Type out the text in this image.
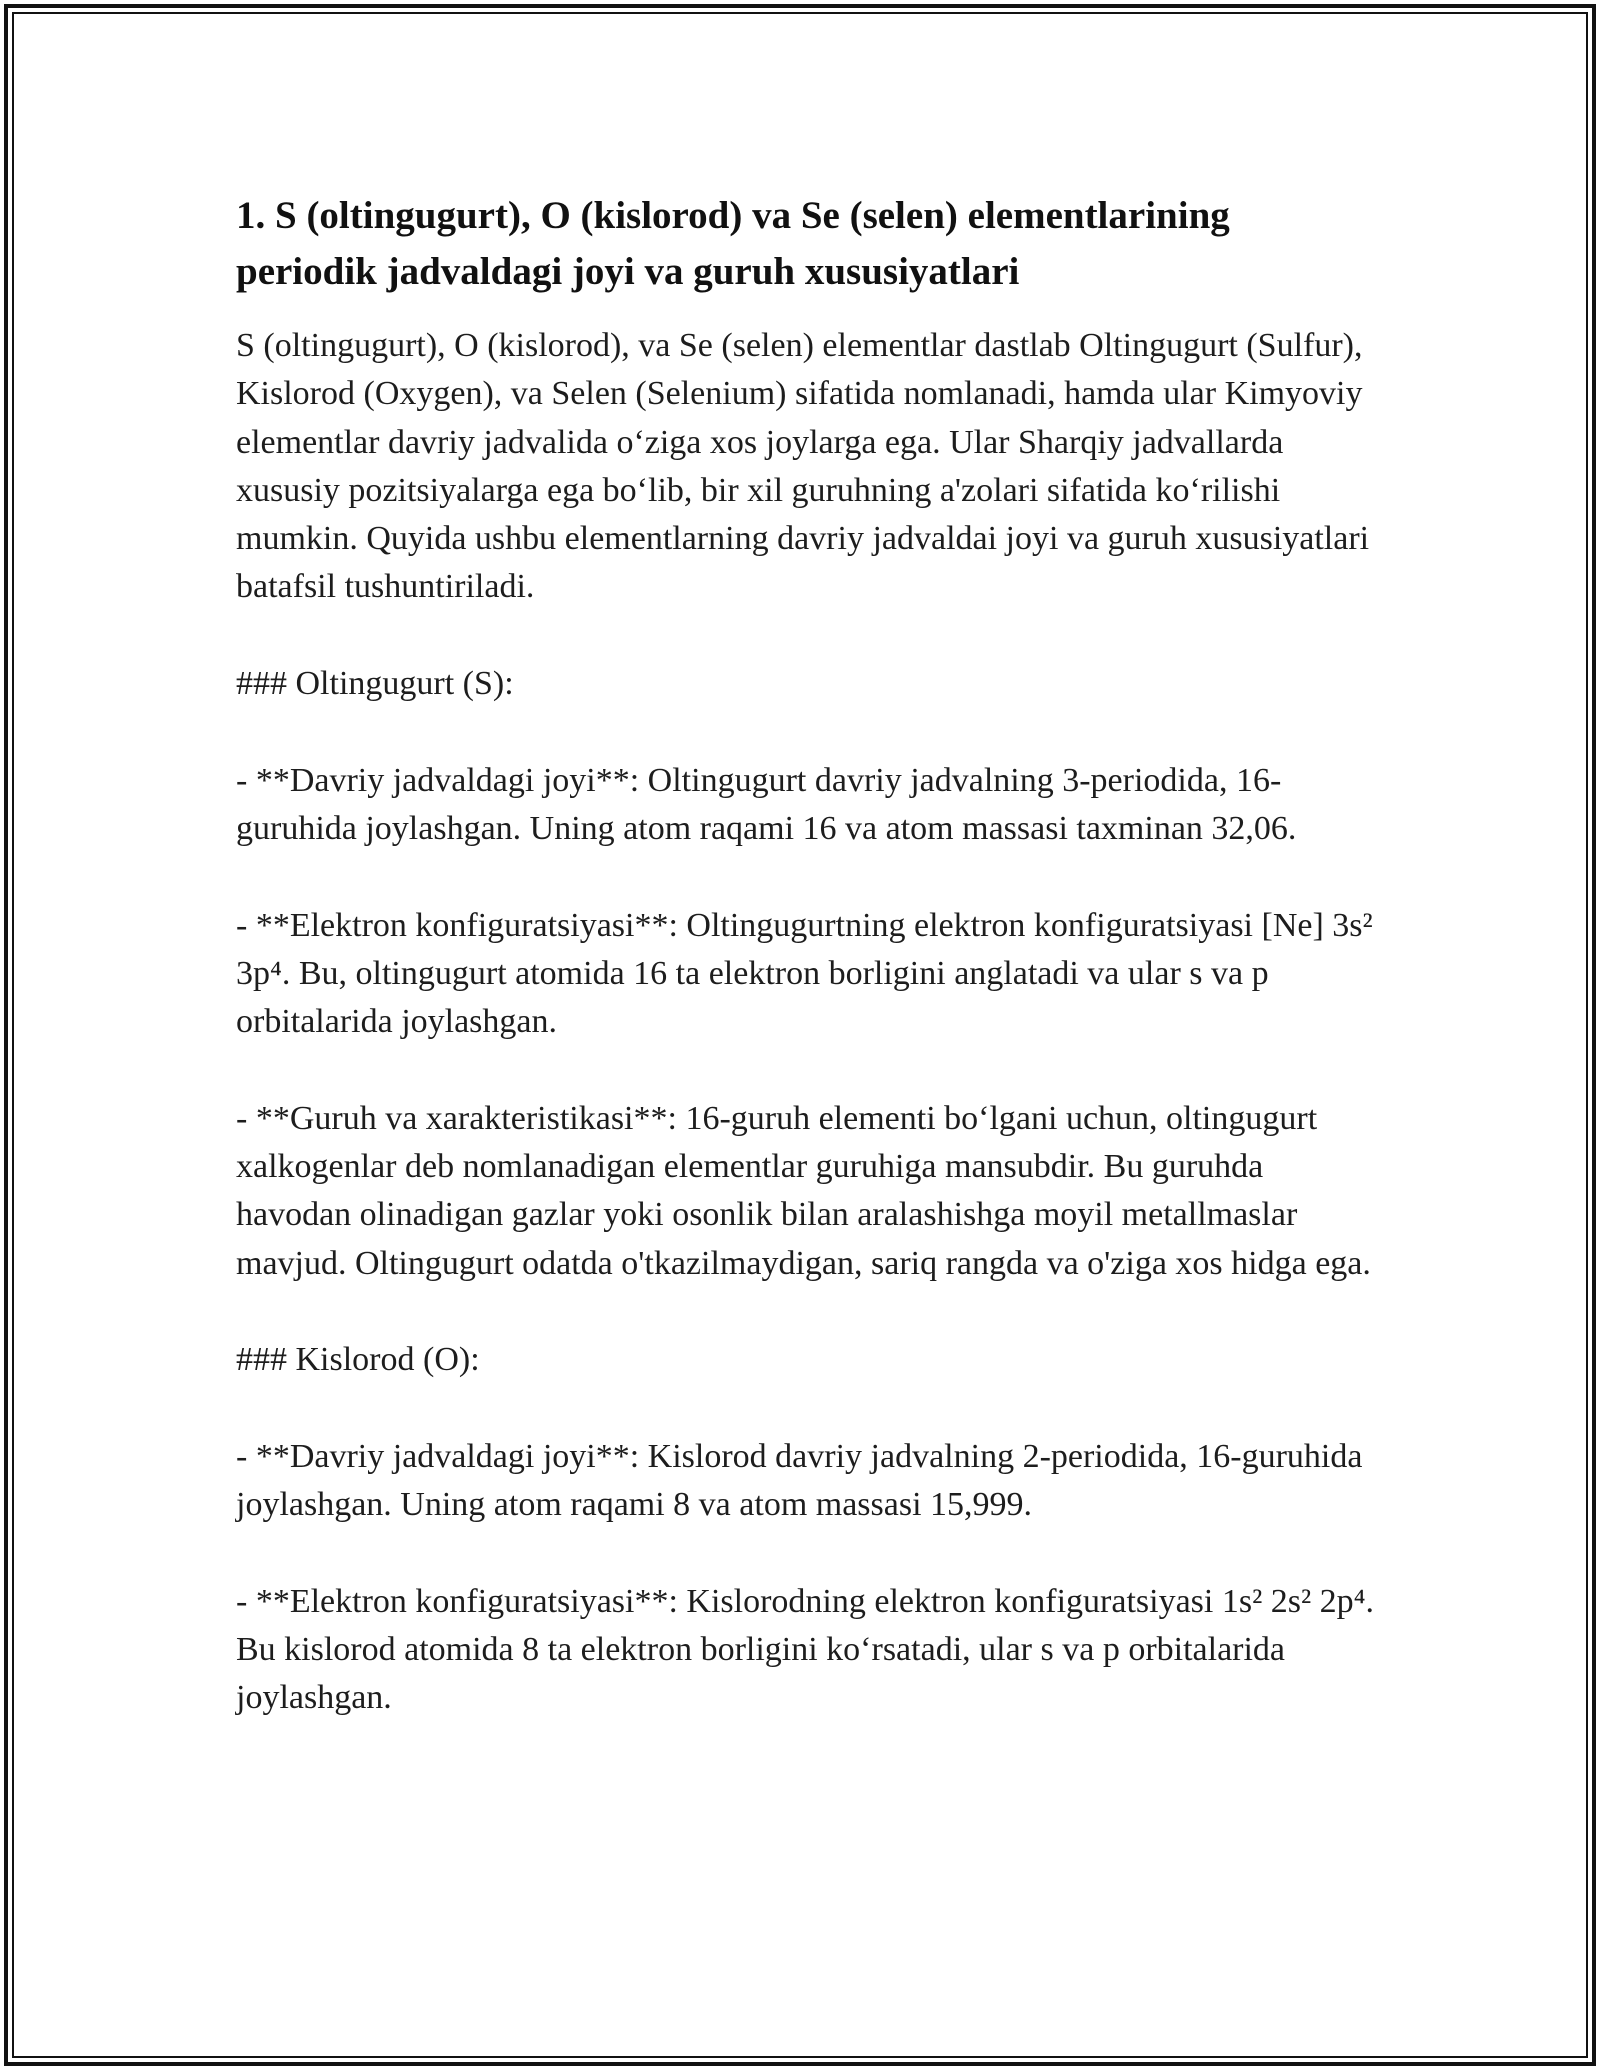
1. S (oltingugurt), O (kislorod) va Se (selen) elementlarining periodik jadvaldagi joyi va guruh xususiyatlari

S (oltingugurt), O (kislorod), va Se (selen) elementlar dastlab Oltingugurt (Sulfur), Kislorod (Oxygen), va Selen (Selenium) sifatida nomlanadi, hamda ular Kimyoviy elementlar davriy jadvalida o‘ziga xos joylarga ega. Ular Sharqiy jadvallarda xususiy pozitsiyalarga ega bo‘lib, bir xil guruhning a'zolari sifatida ko‘rilishi mumkin. Quyida ushbu elementlarning davriy jadvaldai joyi va guruh xususiyatlari batafsil tushuntiriladi.

### Oltingugurt (S):

- **Davriy jadvaldagi joyi**: Oltingugurt davriy jadvalning 3-periodida, 16-guruhida joylashgan. Uning atom raqami 16 va atom massasi taxminan 32,06.

- **Elektron konfiguratsiyasi**: Oltingugurtning elektron konfiguratsiyasi [Ne] 3s² 3p⁴. Bu, oltingugurt atomida 16 ta elektron borligini anglatadi va ular s va p orbitalarida joylashgan.

- **Guruh va xarakteristikasi**: 16-guruh elementi bo‘lgani uchun, oltingugurt xalkogenlar deb nomlanadigan elementlar guruhiga mansubdir. Bu guruhda havodan olinadigan gazlar yoki osonlik bilan aralashishga moyil metallmaslar mavjud. Oltingugurt odatda o'tkazilmaydigan, sariq rangda va o'ziga xos hidga ega.

### Kislorod (O):

- **Davriy jadvaldagi joyi**: Kislorod davriy jadvalning 2-periodida, 16-guruhida joylashgan. Uning atom raqami 8 va atom massasi 15,999.

- **Elektron konfiguratsiyasi**: Kislorodning elektron konfiguratsiyasi 1s² 2s² 2p⁴. Bu kislorod atomida 8 ta elektron borligini ko‘rsatadi, ular s va p orbitalarida joylashgan.
